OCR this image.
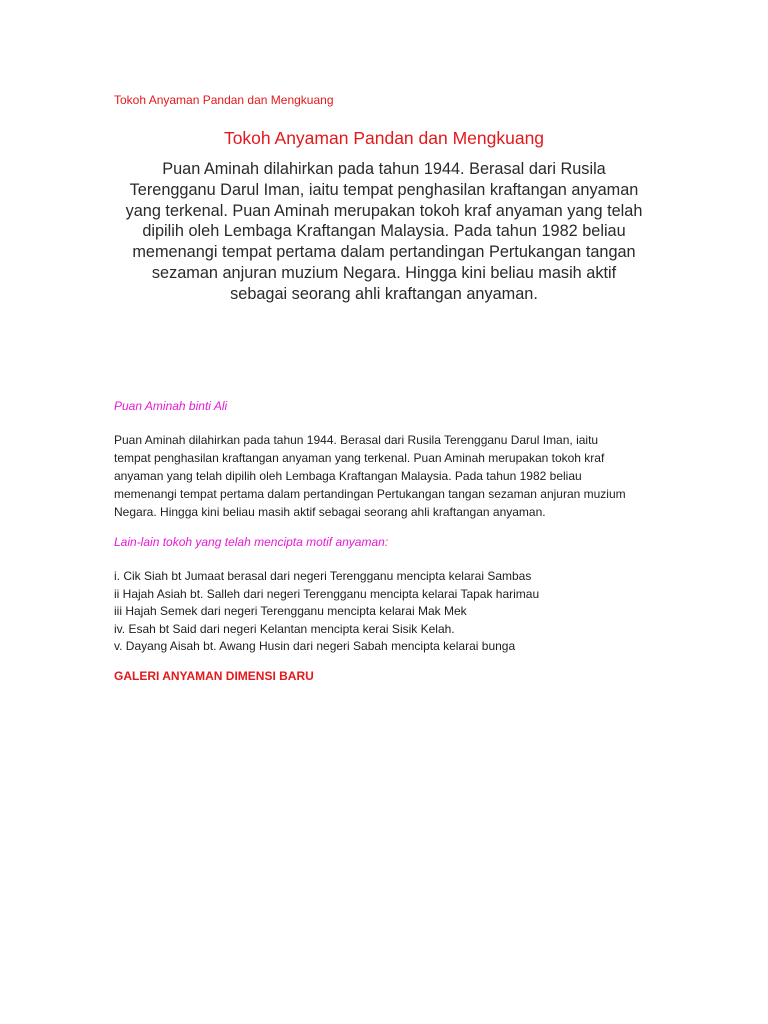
Tokoh Anyaman Pandan dan Mengkuang
Tokoh Anyaman Pandan dan Mengkuang
Puan Aminah dilahirkan pada tahun 1944. Berasal dari Rusila
Terengganu Darul Iman, iaitu tempat penghasilan kraftangan anyaman
yang terkenal. Puan Aminah merupakan tokoh kraf anyaman yang telah
dipilih oleh Lembaga Kraftangan Malaysia. Pada tahun 1982 beliau
memenangi tempat pertama dalam pertandingan Pertukangan tangan
sezaman anjuran muzium Negara. Hingga kini beliau masih aktif
sebagai seorang ahli kraftangan anyaman.
Puan Aminah binti Ali
Puan Aminah dilahirkan pada tahun 1944. Berasal dari Rusila Terengganu Darul Iman, iaitu
tempat penghasilan kraftangan anyaman yang terkenal. Puan Aminah merupakan tokoh kraf
anyaman yang telah dipilih oleh Lembaga Kraftangan Malaysia. Pada tahun 1982 beliau
memenangi tempat pertama dalam pertandingan Pertukangan tangan sezaman anjuran muzium
Negara. Hingga kini beliau masih aktif sebagai seorang ahli kraftangan anyaman.
Lain-lain tokoh yang telah mencipta motif anyaman:
i. Cik Siah bt Jumaat berasal dari negeri Terengganu mencipta kelarai Sambas
ii Hajah Asiah bt. Salleh dari negeri Terengganu mencipta kelarai Tapak harimau
iii Hajah Semek dari negeri Terengganu mencipta kelarai Mak Mek
iv. Esah bt Said dari negeri Kelantan mencipta kerai Sisik Kelah.
v. Dayang Aisah bt. Awang Husin dari negeri Sabah mencipta kelarai bunga
GALERI ANYAMAN DIMENSI BARU
